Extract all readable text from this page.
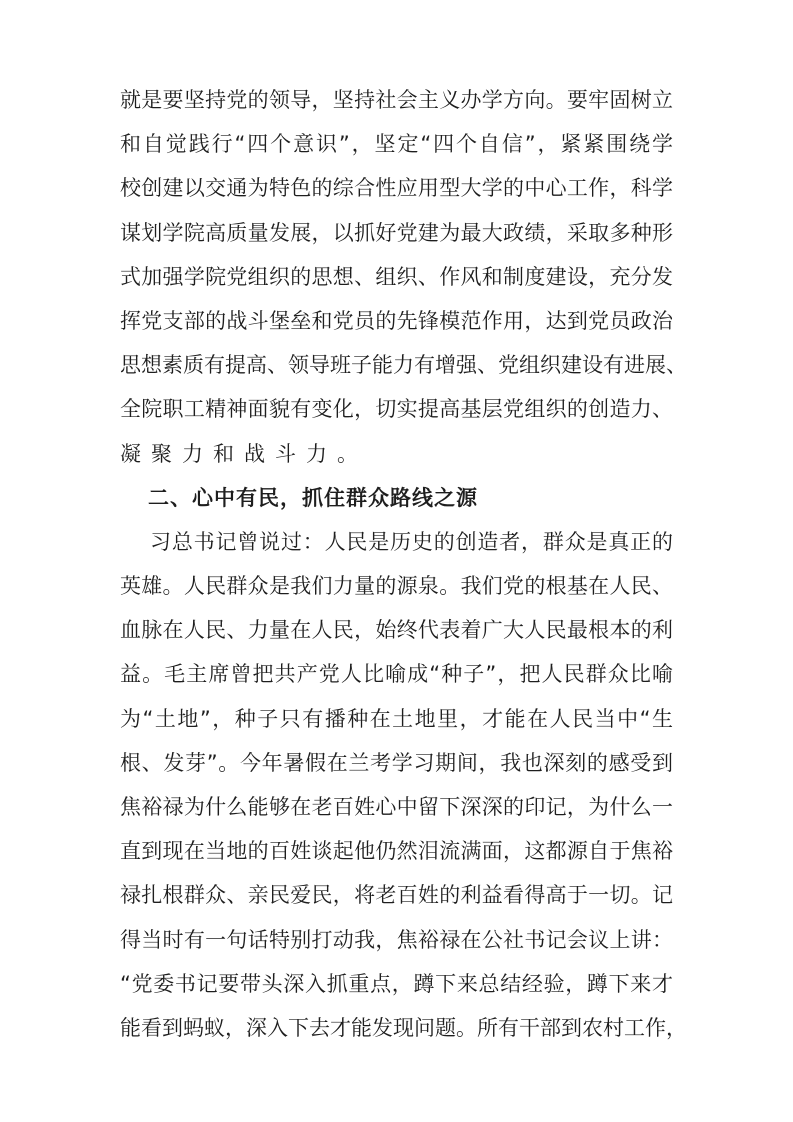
就是要坚持党的领导，坚持社会主义办学方向。要牢固树立
和自觉践行“四个意识”，坚定“四个自信”，紧紧围绕学
校创建以交通为特色的综合性应用型大学的中心工作，科学
谋划学院高质量发展，以抓好党建为最大政绩，采取多种形
式加强学院党组织的思想、组织、作风和制度建设，充分发
挥党支部的战斗堡垒和党员的先锋模范作用，达到党员政治
思想素质有提高、领导班子能力有增强、党组织建设有进展、
全院职工精神面貌有变化，切实提高基层党组织的创造力、
凝聚力和战斗力。
二、心中有民，抓住群众路线之源
习总书记曾说过：人民是历史的创造者，群众是真正的
英雄。人民群众是我们力量的源泉。我们党的根基在人民、
血脉在人民、力量在人民，始终代表着广大人民最根本的利
益。毛主席曾把共产党人比喻成“种子”，把人民群众比喻
为“土地”，种子只有播种在土地里，才能在人民当中“生
根、发芽”。今年暑假在兰考学习期间，我也深刻的感受到
焦裕禄为什么能够在老百姓心中留下深深的印记，为什么一
直到现在当地的百姓谈起他仍然泪流满面，这都源自于焦裕
禄扎根群众、亲民爱民，将老百姓的利益看得高于一切。记
得当时有一句话特别打动我，焦裕禄在公社书记会议上讲：
“党委书记要带头深入抓重点，蹲下来总结经验，蹲下来才
能看到蚂蚁，深入下去才能发现问题。所有干部到农村工作，
